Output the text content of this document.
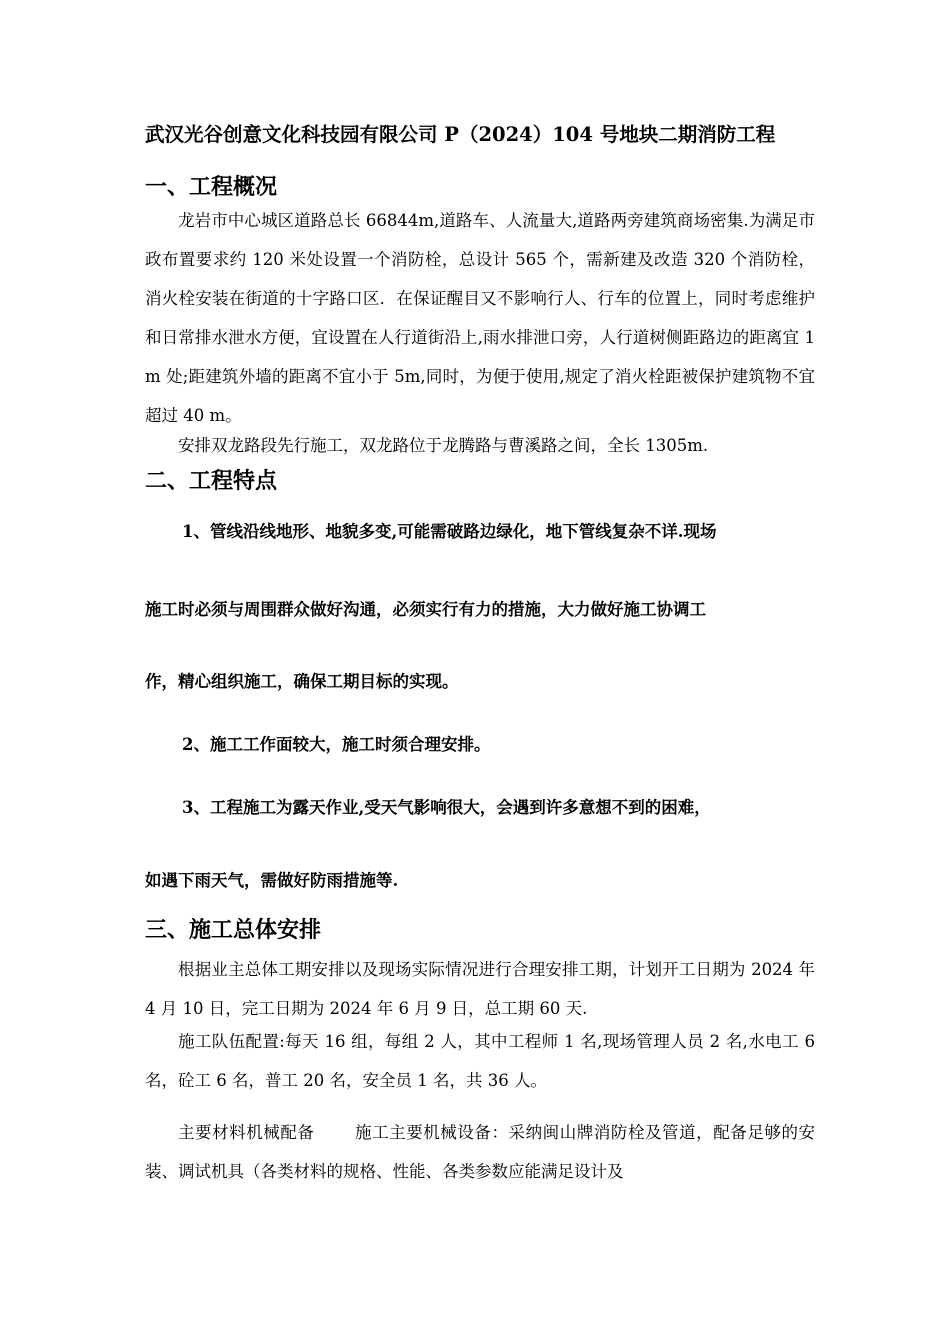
武汉光谷创意文化科技园有限公司 P（2024）104 号地块二期消防工程
一、工程概况

龙岩市中心城区道路总长 66844m,道路车、人流量大,道路两旁建筑商场密集.为满足市政布置要求约 120 米处设置一个消防栓，总设计 565 个，需新建及改造 320 个消防栓，消火栓安装在街道的十字路口区．在保证醒目又不影响行人、行车的位置上，同时考虑维护和日常排水泄水方便，宜设置在人行道街沿上,雨水排泄口旁，人行道树侧距路边的距离宜 1 m 处;距建筑外墙的距离不宜小于 5m,同时，为便于使用,规定了消火栓距被保护建筑物不宜超过 40 m。

安排双龙路段先行施工，双龙路位于龙腾路与曹溪路之间，全长 1305m.

二、工程特点

1、管线沿线地形、地貌多变,可能需破路边绿化，地下管线复杂不详.现场

施工时必须与周围群众做好沟通，必须实行有力的措施，大力做好施工协调工

作，精心组织施工，确保工期目标的实现。

2、施工工作面较大，施工时须合理安排。

3、工程施工为露天作业,受天气影响很大，会遇到许多意想不到的困难，

如遇下雨天气，需做好防雨措施等.

三、施工总体安排

根据业主总体工期安排以及现场实际情况进行合理安排工期，计划开工日期为 2024 年 4 月 10 日，完工日期为 2024 年 6 月 9 日，总工期 60 天.

施工队伍配置:每天 16 组，每组 2 人，其中工程师 1 名,现场管理人员 2 名,水电工 6 名，砼工 6 名，普工 20 名，安全员 1 名，共 36 人。

主要材料机械配备 施工主要机械设备：采纳闽山牌消防栓及管道，配备足够的安装、调试机具（各类材料的规格、性能、各类参数应能满足设计及
